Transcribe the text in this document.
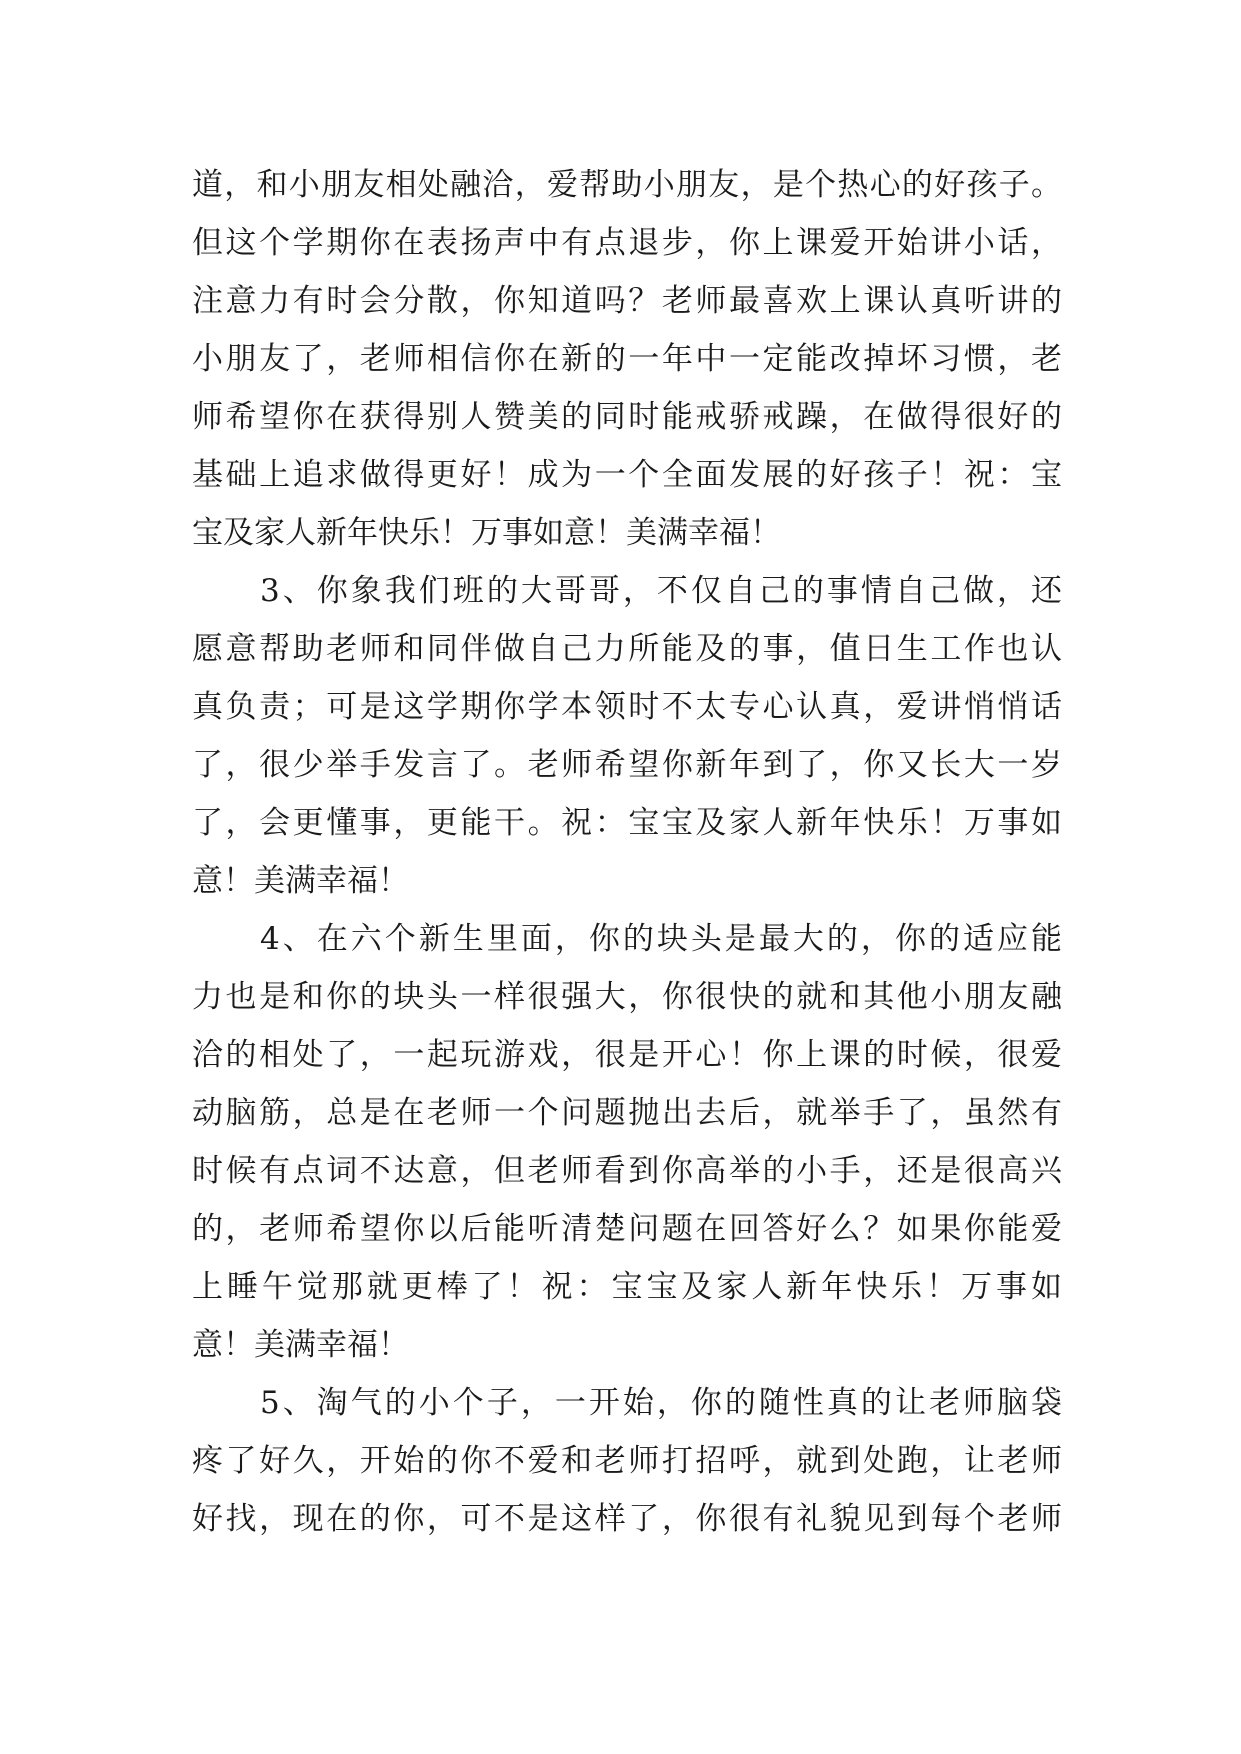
道，和小朋友相处融洽，爱帮助小朋友，是个热心的好孩子。
但这个学期你在表扬声中有点退步，你上课爱开始讲小话，
注意力有时会分散，你知道吗？老师最喜欢上课认真听讲的
小朋友了，老师相信你在新的一年中一定能改掉坏习惯，老
师希望你在获得别人赞美的同时能戒骄戒躁，在做得很好的
基础上追求做得更好！成为一个全面发展的好孩子！祝：宝
宝及家人新年快乐！万事如意！美满幸福！
　　3、你象我们班的大哥哥，不仅自己的事情自己做，还
愿意帮助老师和同伴做自己力所能及的事，值日生工作也认
真负责；可是这学期你学本领时不太专心认真，爱讲悄悄话
了，很少举手发言了。老师希望你新年到了，你又长大一岁
了，会更懂事，更能干。祝：宝宝及家人新年快乐！万事如
意！美满幸福！
　　4、在六个新生里面，你的块头是最大的，你的适应能
力也是和你的块头一样很强大，你很快的就和其他小朋友融
洽的相处了，一起玩游戏，很是开心！你上课的时候，很爱
动脑筋，总是在老师一个问题抛出去后，就举手了，虽然有
时候有点词不达意，但老师看到你高举的小手，还是很高兴
的，老师希望你以后能听清楚问题在回答好么？如果你能爱
上睡午觉那就更棒了！祝：宝宝及家人新年快乐！万事如
意！美满幸福！
　　5、淘气的小个子，一开始，你的随性真的让老师脑袋
疼了好久，开始的你不爱和老师打招呼，就到处跑，让老师
好找，现在的你，可不是这样了，你很有礼貌见到每个老师
